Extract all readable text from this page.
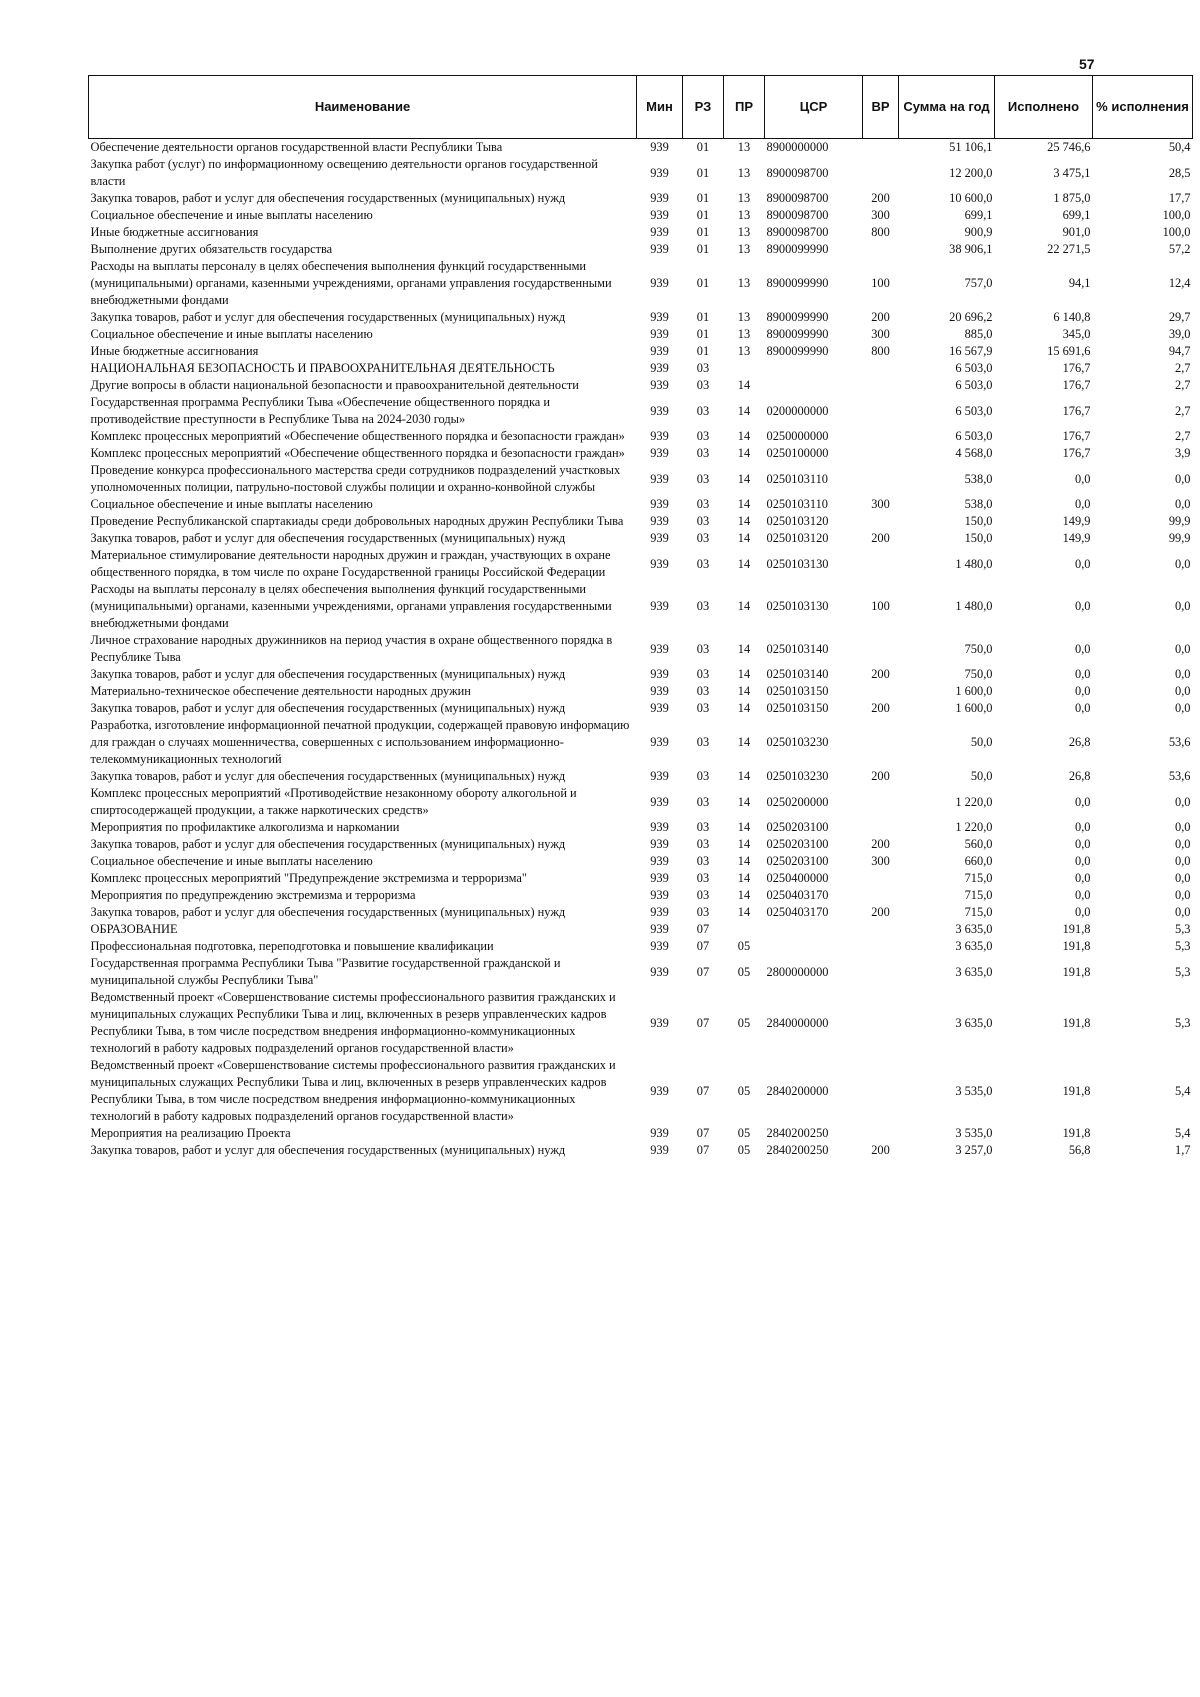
57
Наименование	Мин	РЗ	ПР	ЦСР	ВР	Сумма на год	Исполнено	% исполнения
Обеспечение деятельности органов государственной власти Республики Тыва	939	01	13	8900000000		51 106,1	25 746,6	50,4
Закупка работ (услуг) по информационному освещению деятельности органов государственной власти	939	01	13	8900098700		12 200,0	3 475,1	28,5
Закупка товаров, работ и услуг для обеспечения государственных (муниципальных) нужд	939	01	13	8900098700	200	10 600,0	1 875,0	17,7
Социальное обеспечение и иные выплаты населению	939	01	13	8900098700	300	699,1	699,1	100,0
Иные бюджетные ассигнования	939	01	13	8900098700	800	900,9	901,0	100,0
Выполнение других обязательств государства	939	01	13	8900099990		38 906,1	22 271,5	57,2
Расходы на выплаты персоналу в целях обеспечения выполнения функций государственными (муниципальными) органами, казенными учреждениями, органами управления государственными внебюджетными фондами	939	01	13	8900099990	100	757,0	94,1	12,4
Закупка товаров, работ и услуг для обеспечения государственных (муниципальных) нужд	939	01	13	8900099990	200	20 696,2	6 140,8	29,7
Социальное обеспечение и иные выплаты населению	939	01	13	8900099990	300	885,0	345,0	39,0
Иные бюджетные ассигнования	939	01	13	8900099990	800	16 567,9	15 691,6	94,7
НАЦИОНАЛЬНАЯ БЕЗОПАСНОСТЬ И ПРАВООХРАНИТЕЛЬНАЯ ДЕЯТЕЛЬНОСТЬ	939	03				6 503,0	176,7	2,7
Другие вопросы в области национальной безопасности и правоохранительной деятельности	939	03	14			6 503,0	176,7	2,7
Государственная программа Республики Тыва «Обеспечение общественного порядка и противодействие преступности в Республике Тыва на 2024-2030 годы»	939	03	14	0200000000		6 503,0	176,7	2,7
Комплекс процессных мероприятий «Обеспечение общественного порядка и безопасности граждан»	939	03	14	0250000000		6 503,0	176,7	2,7
Комплекс процессных мероприятий «Обеспечение общественного порядка и безопасности граждан»	939	03	14	0250100000		4 568,0	176,7	3,9
Проведение конкурса профессионального мастерства среди сотрудников подразделений участковых уполномоченных полиции, патрульно-постовой службы полиции и охранно-конвойной службы	939	03	14	0250103110		538,0	0,0	0,0
Социальное обеспечение и иные выплаты населению	939	03	14	0250103110	300	538,0	0,0	0,0
Проведение Республиканской спартакиады среди добровольных народных дружин Республики Тыва	939	03	14	0250103120		150,0	149,9	99,9
Закупка товаров, работ и услуг для обеспечения государственных (муниципальных) нужд	939	03	14	0250103120	200	150,0	149,9	99,9
Материальное стимулирование деятельности народных дружин и граждан, участвующих в охране общественного порядка, в том числе по охране Государственной границы Российской Федерации	939	03	14	0250103130		1 480,0	0,0	0,0
Расходы на выплаты персоналу в целях обеспечения выполнения функций государственными (муниципальными) органами, казенными учреждениями, органами управления государственными внебюджетными фондами	939	03	14	0250103130	100	1 480,0	0,0	0,0
Личное страхование народных дружинников на период участия в охране общественного порядка в Республике Тыва	939	03	14	0250103140		750,0	0,0	0,0
Закупка товаров, работ и услуг для обеспечения государственных (муниципальных) нужд	939	03	14	0250103140	200	750,0	0,0	0,0
Материально-техническое обеспечение деятельности народных дружин	939	03	14	0250103150		1 600,0	0,0	0,0
Закупка товаров, работ и услуг для обеспечения государственных (муниципальных) нужд	939	03	14	0250103150	200	1 600,0	0,0	0,0
Разработка, изготовление информационной печатной продукции, содержащей правовую информацию для граждан о случаях мошенничества, совершенных с использованием информационно-телекоммуникационных технологий	939	03	14	0250103230		50,0	26,8	53,6
Закупка товаров, работ и услуг для обеспечения государственных (муниципальных) нужд	939	03	14	0250103230	200	50,0	26,8	53,6
Комплекс процессных мероприятий «Противодействие незаконному обороту алкогольной и спиртосодержащей продукции, а также наркотических средств»	939	03	14	0250200000		1 220,0	0,0	0,0
Мероприятия по профилактике алкоголизма и наркомании	939	03	14	0250203100		1 220,0	0,0	0,0
Закупка товаров, работ и услуг для обеспечения государственных (муниципальных) нужд	939	03	14	0250203100	200	560,0	0,0	0,0
Социальное обеспечение и иные выплаты населению	939	03	14	0250203100	300	660,0	0,0	0,0
Комплекс процессных мероприятий "Предупреждение экстремизма и терроризма"	939	03	14	0250400000		715,0	0,0	0,0
Мероприятия по предупреждению экстремизма и терроризма	939	03	14	0250403170		715,0	0,0	0,0
Закупка товаров, работ и услуг для обеспечения государственных (муниципальных) нужд	939	03	14	0250403170	200	715,0	0,0	0,0
ОБРАЗОВАНИЕ	939	07				3 635,0	191,8	5,3
Профессиональная подготовка, переподготовка и повышение квалификации	939	07	05			3 635,0	191,8	5,3
Государственная программа Республики Тыва "Развитие государственной гражданской и муниципальной службы Республики Тыва"	939	07	05	2800000000		3 635,0	191,8	5,3
Ведомственный проект «Совершенствование системы профессионального развития гражданских и муниципальных служащих Республики Тыва и лиц, включенных в резерв управленческих кадров Республики Тыва, в том числе посредством внедрения информационно-коммуникационных технологий в работу кадровых подразделений органов государственной власти»	939	07	05	2840000000		3 635,0	191,8	5,3
Ведомственный проект «Совершенствование системы профессионального развития гражданских и муниципальных служащих Республики Тыва и лиц, включенных в резерв управленческих кадров Республики Тыва, в том числе посредством внедрения информационно-коммуникационных технологий в работу кадровых подразделений органов государственной власти»	939	07	05	2840200000		3 535,0	191,8	5,4
Мероприятия на реализацию Проекта	939	07	05	2840200250		3 535,0	191,8	5,4
Закупка товаров, работ и услуг для обеспечения государственных (муниципальных) нужд	939	07	05	2840200250	200	3 257,0	56,8	1,7
